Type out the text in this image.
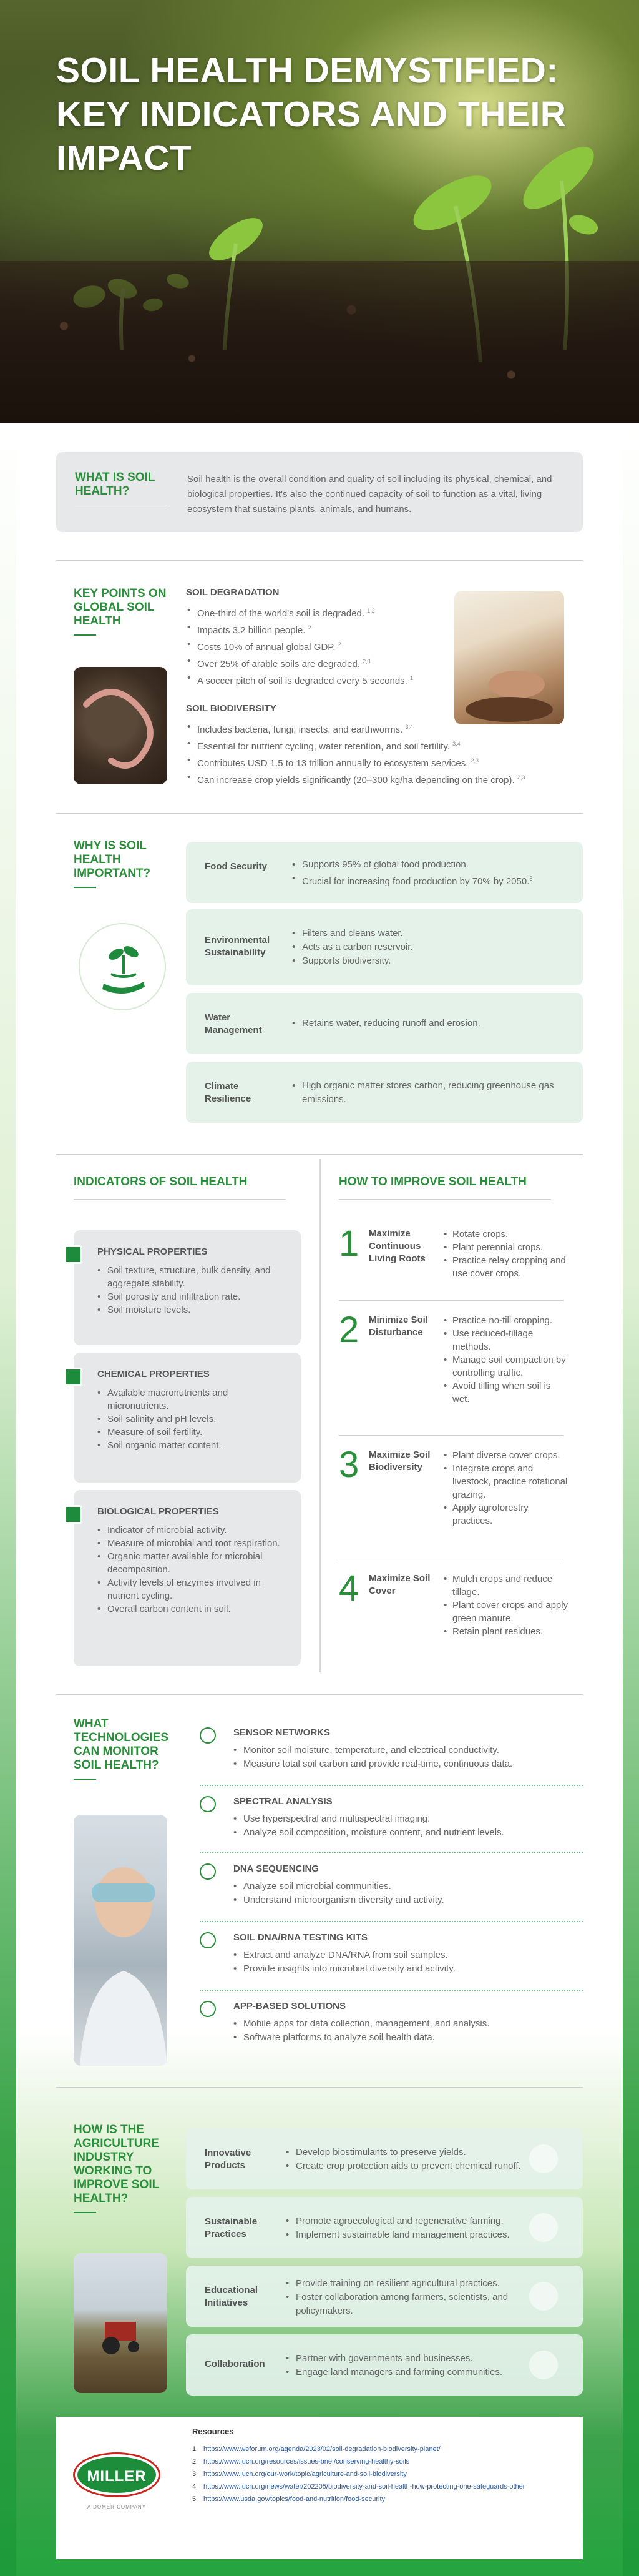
SOIL HEALTH DEMYSTIFIED: KEY INDICATORS AND THEIR IMPACT
WHAT IS SOIL HEALTH?

Soil health is the overall condition and quality of soil including its physical, chemical, and biological properties. It's also the continued capacity of soil to function as a vital, living ecosystem that sustains plants, animals, and humans.

KEY POINTS ON GLOBAL SOIL HEALTH
SOIL DEGRADATION
• One-third of the world's soil is degraded. $^{1,2}$
• Impacts 3.2 billion people. $^2$
• Costs 10% of annual global GDP. $^2$
• Over 25% of arable soils are degraded. $^{2,3}$
• A soccer pitch of soil is degraded every 5 seconds. $^1$
SOIL BIODIVERSITY
• Includes bacteria, fungi, insects, and earthworms. $^{3,4}$
• Essential for nutrient cycling, water retention, and soil fertility. $^{3,4}$
• Contributes USD 1.5 to 13 trillion annually to ecosystem services. $^{2,3}$
• Can increase crop yields significantly (20–300 kg/ha depending on the crop). $^{2,3}$
WHY IS SOIL HEALTH IMPORTANT?
Food Security
•	Supports 95% of global food production.
• Crucial for increasing food production by 70% by 2050.$^5$
Environmental Sustainability
• Filters and cleans water.
• Acts as a carbon reservoir.
• Supports biodiversity.
Water Management
• Retains water, reducing runoff and erosion.
Climate Resilience
• High organic matter stores carbon, reducing greenhouse gas emissions.
INDICATORS OF SOIL HEALTH	HOW TO IMPROVE SOIL HEALTH
PHYSICAL PROPERTIES
• Soil texture, structure, bulk density, and aggregate stability.
• Soil porosity and infiltration rate.
• Soil moisture levels.
CHEMICAL PROPERTIES
• Available macronutrients and micronutrients.
• Soil salinity and pH levels.
• Measure of soil fertility.
• Soil organic matter content.
BIOLOGICAL PROPERTIES
• Indicator of microbial activity.
• Measure of microbial and root respiration.
• Organic matter available for microbial decomposition.
• Activity levels of enzymes involved in nutrient cycling.
• Overall carbon content in soil.
1 Maximize Continuous Living Roots
• Rotate crops.
• Plant perennial crops.
• Practice relay cropping and use cover crops.
2 Minimize Soil Disturbance
• Practice no-till cropping.
• Use reduced-tillage methods.
• Manage soil compaction by controlling traffic.
• Avoid tilling when soil is wet.
3 Maximize Soil Biodiversity
• Plant diverse cover crops.
• Integrate crops and livestock, practice rotational grazing.
• Apply agroforestry practices.
4 Maximize Soil Cover
• Mulch crops and reduce tillage.
• Plant cover crops and apply green manure.
• Retain plant residues.
WHAT TECHNOLOGIES CAN MONITOR SOIL HEALTH?
SENSOR NETWORKS
• Monitor soil moisture, temperature, and electrical conductivity.
• Measure total soil carbon and provide real-time, continuous data.
SPECTRAL ANALYSIS
• Use hyperspectral and multispectral imaging.
• Analyze soil composition, moisture content, and nutrient levels.
DNA SEQUENCING
• Analyze soil microbial communities.
• Understand microorganism diversity and activity.
SOIL DNA/RNA TESTING KITS
• Extract and analyze DNA/RNA from soil samples.
• Provide insights into microbial diversity and activity.
APP-BASED SOLUTIONS
• Mobile apps for data collection, management, and analysis.
• Software platforms to analyze soil health data.
HOW IS THE AGRICULTURE INDUSTRY WORKING TO IMPROVE SOIL HEALTH?
Innovative Products
• Develop biostimulants to preserve yields.
• Create crop protection aids to prevent chemical runoff.
Sustainable Practices
• Promote agroecological and regenerative farming.
• Implement sustainable land management practices.
Educational Initiatives
• Provide training on resilient agricultural practices.
• Foster collaboration among farmers, scientists, and policymakers.
Collaboration
• Partner with governments and businesses.
• Engage land managers and farming communities.
MILLER
A DOMER COMPANY
Resources
1 https://www.weforum.org/agenda/2023/02/soil-degradation-biodiversity-planet/
2 https://www.iucn.org/resources/issues-brief/conserving-healthy-soils
3 https://www.iucn.org/our-work/topic/agriculture-and-soil-biodiversity
4 https://www.iucn.org/news/water/202205/biodiversity-and-soil-health-how-protecting-one-safeguards-other
5 https://www.usda.gov/topics/food-and-nutrition/food-security
